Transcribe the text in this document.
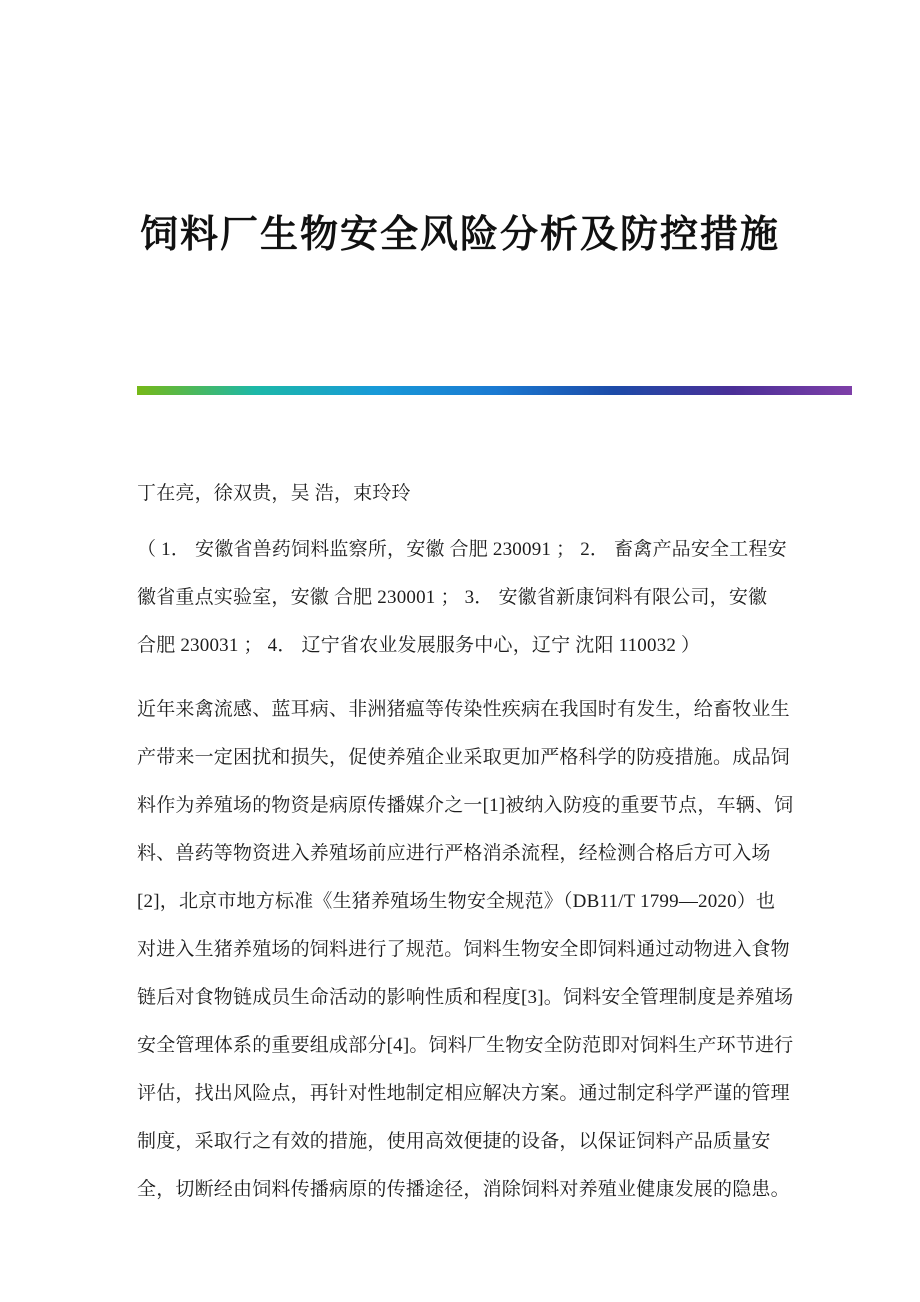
饲料厂生物安全风险分析及防控措施
丁在亮，徐双贵，吴 浩，束玲玲
（ 1． 安徽省兽药饲料监察所，安徽 合肥 230091 ； 2． 畜禽产品安全工程安
徽省重点实验室，安徽 合肥 230001 ； 3． 安徽省新康饲料有限公司，安徽
合肥 230031 ； 4． 辽宁省农业发展服务中心，辽宁 沈阳 110032 ）
近年来禽流感、蓝耳病、非洲猪瘟等传染性疾病在我国时有发生，给畜牧业生
产带来一定困扰和损失，促使养殖企业采取更加严格科学的防疫措施。成品饲
料作为养殖场的物资是病原传播媒介之一[1]被纳入防疫的重要节点，车辆、饲
料、兽药等物资进入养殖场前应进行严格消杀流程，经检测合格后方可入场
[2]，北京市地方标准《生猪养殖场生物安全规范》（DB11/T 1799—2020）也
对进入生猪养殖场的饲料进行了规范。饲料生物安全即饲料通过动物进入食物
链后对食物链成员生命活动的影响性质和程度[3]。饲料安全管理制度是养殖场
安全管理体系的重要组成部分[4]。饲料厂生物安全防范即对饲料生产环节进行
评估，找出风险点，再针对性地制定相应解决方案。通过制定科学严谨的管理
制度，采取行之有效的措施，使用高效便捷的设备，以保证饲料产品质量安
全，切断经由饲料传播病原的传播途径，消除饲料对养殖业健康发展的隐患。
